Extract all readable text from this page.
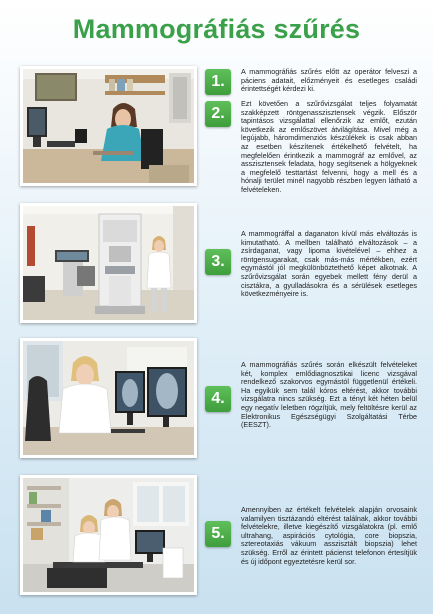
Mammográfiás szűrés
1.
A mammográfiás szűrés előtt az operátor felveszi a páciens adatait, előzményeit és esetleges családi érintettségét kérdezi ki.
2.
Ezt követően a szűrővizsgálat teljes folyamatát szakképzett röntgenasszisztensek végzik. Először tapintásos vizsgálattal ellenőrzik az emlőt, ezután következik az emlőszövet átvilágítása. Mivel még a legújabb, háromdimenziós készülékek is csak abban az esetben készítenek értékelhető felvételt, ha megfelelően érintkezik a mammográf az emlővel, az asszisztensek feladata, hogy segítsenek a hölgyeknek a megfelelő testtartást felvenni, hogy a mell és a hónalji terület minél nagyobb részben legyen látható a felvételeken.
3.
A mammográffal a daganaton kívül más elváltozás is kimutatható. A mellben található elváltozások – a zsírdaganat, vagy lipoma kivételével – ehhez a röntgensugarakat, csak más-más mértékben, ezért egymástól jól megkülönböztethető képet alkotnak. A szűrővizsgálat során egyebek mellett fény derül a cisztákra, a gyulladásokra és a sérülések esetleges következményeire is.
4.
A mammográfiás szűrés során elkészült felvételeket két, komplex emlődiagnosztikai licenc vizsgával rendelkező szakorvos egymástól függetlenül értékeli. Ha egyikük sem talál kóros eltérést, akkor további vizsgálatra nincs szükség. Ezt a tényt két héten belül egy negatív leletben rögzítjük, mely feltöltésre kerül az Elektronikus Egészségügyi Szolgáltatási Térbe (EESZT).
5.
Amennyiben az értékelt felvételek alapján orvosaink valamilyen tisztázandó eltérést találnak, akkor további felvételekre, illetve kiegészítő vizsgálatokra (pl. emlő ultrahang, aspirációs cytológia, core biopszia, sztereotaxiás vákuum asszisztált biopszia) lehet szükség. Erről az érintett pácienst telefonon értesítjük és új időpont egyeztetésre kerül sor.
